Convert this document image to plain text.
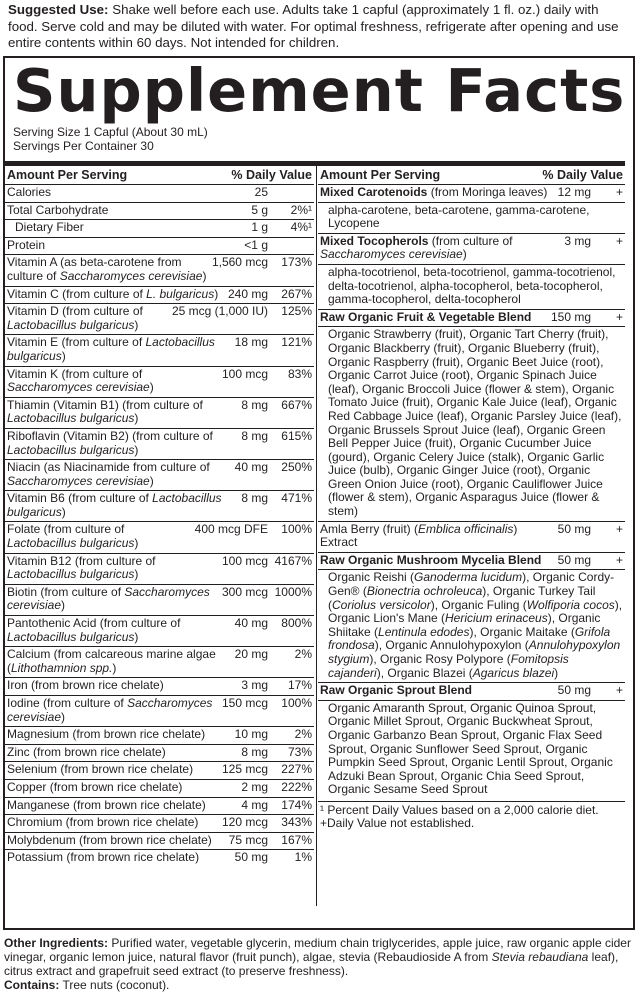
Suggested Use: Shake well before each use. Adults take 1 capful (approximately 1 fl. oz.) daily with food. Serve cold and may be diluted with water. For optimal freshness, refrigerate after opening and use entire contents within 60 days. Not intended for children.
Supplement Facts
Serving Size 1 Capful (About 30 mL)
Servings Per Container 30
Amount Per Serving	% Daily Value
Calories	25
Total Carbohydrate	5 g	2%¹
Dietary Fiber	1 g	4%¹
Protein	<1 g
Vitamin A (as beta-carotene from culture of Saccharomyces cerevisiae)
1,560 mcg	173%
Vitamin C (from culture of L. bulgaricus) 240 mg	267%
Vitamin D (from culture of Lactobacillus bulgaricus)
25 mcg (1,000 IU)	125%
Vitamin E (from culture of Lactobacillus bulgaricus)
18 mg	121%
Vitamin K (from culture of Saccharomyces cerevisiae)
100 mcg	83%
Thiamin (Vitamin B1) (from culture of Lactobacillus bulgaricus)
8 mg	667%
Riboflavin (Vitamin B2) (from culture of Lactobacillus bulgaricus)
8 mg	615%
Niacin (as Niacinamide from culture of Saccharomyces cerevisiae)
40 mg	250%
Vitamin B6 (from culture of Lactobacillus bulgaricus)
8 mg	471%
Folate (from culture of Lactobacillus bulgaricus)
400 mcg DFE	100%
Vitamin B12 (from culture of Lactobacillus bulgaricus)
100 mcg 4167%
Biotin (from culture of Saccharomyces cerevisiae)
300 mcg 1000%
Pantothenic Acid (from culture of Lactobacillus bulgaricus)
40 mg	800%
Calcium (from calcareous marine algae (Lithothamnion spp.)
20 mg	2%
Iron (from brown rice chelate)	3 mg	17%
Iodine (from culture of Saccharomyces cerevisiae)
150 mcg	100%
Magnesium (from brown rice chelate)	10 mg	2%
Zinc (from brown rice chelate)	8 mg	73%
Selenium (from brown rice chelate)	125 mcg	227%
Copper (from brown rice chelate)	2 mg	222%
Manganese (from brown rice chelate)	4 mg	174%
Chromium (from brown rice chelate)	120 mcg	343%
Molybdenum (from brown rice chelate)	75 mcg	167%
Potassium (from brown rice chelate)	50 mg	1%
Amount Per Serving	% Daily Value
Mixed Carotenoids (from Moringa leaves) 12 mg	+
alpha-carotene, beta-carotene, gamma-carotene, Lycopene
Mixed Tocopherols (from culture of Saccharomyces cerevisiae)
3 mg	+
alpha-tocotrienol, beta-tocotrienol, gamma-tocotrienol, delta-tocotrienol, alpha-tocopherol, beta-tocopherol, gamma-tocopherol, delta-tocopherol
Raw Organic Fruit & Vegetable Blend	150 mg	+
Organic Strawberry (fruit), Organic Tart Cherry (fruit), Organic Blackberry (fruit), Organic Blueberry (fruit), Organic Raspberry (fruit), Organic Beet Juice (root), Organic Carrot Juice (root), Organic Spinach Juice (leaf), Organic Broccoli Juice (flower & stem), Organic Tomato Juice (fruit), Organic Kale Juice (leaf), Organic Red Cabbage Juice (leaf), Organic Parsley Juice (leaf), Organic Brussels Sprout Juice (leaf), Organic Green Bell Pepper Juice (fruit), Organic Cucumber Juice (gourd), Organic Celery Juice (stalk), Organic Garlic Juice (bulb), Organic Ginger Juice (root), Organic Green Onion Juice (root), Organic Cauliflower Juice (flower & stem), Organic Asparagus Juice (flower & stem)
Amla Berry (fruit) (Emblica officinalis) Extract
50 mg	+
Raw Organic Mushroom Mycelia Blend	50 mg	+
Organic Reishi (Ganoderma lucidum), Organic Cordy-Gen® (Bionectria ochroleuca), Organic Turkey Tail (Coriolus versicolor), Organic Fuling (Wolfiporia cocos), Organic Lion's Mane (Hericium erinaceus), Organic Shiitake (Lentinula edodes), Organic Maitake (Grifola frondosa), Organic Annulohypoxylon (Annulohypoxylon stygium), Organic Rosy Polypore (Fomitopsis cajanderi), Organic Blazei (Agaricus blazei)
Raw Organic Sprout Blend	50 mg	+
Organic Amaranth Sprout, Organic Quinoa Sprout, Organic Millet Sprout, Organic Buckwheat Sprout, Organic Garbanzo Bean Sprout, Organic Flax Seed Sprout, Organic Sunflower Seed Sprout, Organic Pumpkin Seed Sprout, Organic Lentil Sprout, Organic Adzuki Bean Sprout, Organic Chia Seed Sprout, Organic Sesame Seed Sprout
¹ Percent Daily Values based on a 2,000 calorie diet.
+Daily Value not established.
Other Ingredients: Purified water, vegetable glycerin, medium chain triglycerides, apple juice, raw organic apple cider vinegar, organic lemon juice, natural flavor (fruit punch), algae, stevia (Rebaudioside A from Stevia rebaudiana leaf), citrus extract and grapefruit seed extract (to preserve freshness).
Contains: Tree nuts (coconut).
